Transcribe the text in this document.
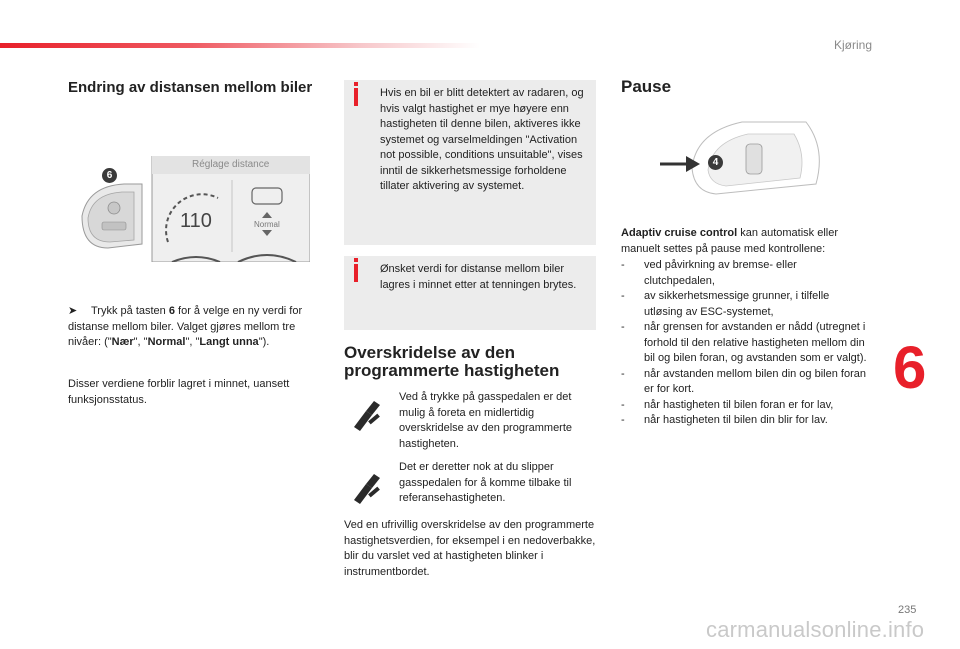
Kjøring
Endring av distansen mellom biler
6
Réglage distance
110	Normal

➤ Trykk på tasten 6 for å velge en ny verdi for distanse mellom biler. Valget gjøres mellom tre nivåer: ("Nær", "Normal", "Langt unna").

Disser verdiene forblir lagret i minnet, uansett funksjonsstatus.

Hvis en bil er blitt detektert av radaren, og hvis valgt hastighet er mye høyere enn hastigheten til denne bilen, aktiveres ikke systemet og varselmeldingen "Activation not possible, conditions unsuitable", vises inntil de sikkerhetsmessige forholdene tillater aktivering av systemet.
Ønsket verdi for distanse mellom biler lagres i minnet etter at tenningen brytes.
Overskridelse av den programmerte hastigheten

Ved å trykke på gasspedalen er det mulig å foreta en midlertidig overskridelse av den programmerte hastigheten.

Det er deretter nok at du slipper gasspedalen for å komme tilbake til referansehastigheten.

Ved en ufrivillig overskridelse av den programmerte hastighetsverdien, for eksempel i en nedoverbakke, blir du varslet ved at hastigheten blinker i instrumentbordet.

Pause
4

Adaptiv cruise control kan automatisk eller manuelt settes på pause med kontrollene:

- ved påvirkning av bremse- eller clutchpedalen,
- av sikkerhetsmessige grunner, i tilfelle utløsing av ESC-systemet,
- når grensen for avstanden er nådd (utregnet i forhold til den relative hastigheten mellom din bil og bilen foran, og avstanden som er valgt).
- når avstanden mellom bilen din og bilen foran er for kort.
- når hastigheten til bilen foran er for lav,
- når hastigheten til bilen din blir for lav.
6
235
carmanualsonline.info
